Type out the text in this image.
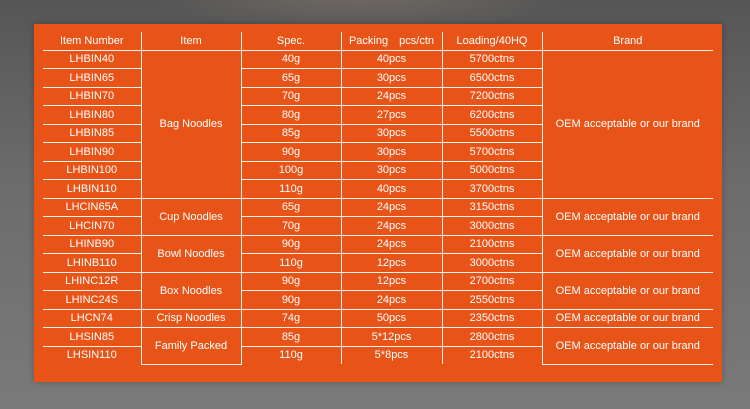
Item Number	Item	Spec.	Packing pcs/ctn	Loading/40HQ	Brand
LHBIN40	Bag Noodles	40g	40pcs	5700ctns	OEM acceptable or our brand
LHBIN65		65g	30pcs	6500ctns	
LHBIN70		70g	24pcs	7200ctns	
LHBIN80		80g	27pcs	6200ctns	
LHBIN85		85g	30pcs	5500ctns	
LHBIN90		90g	30pcs	5700ctns	
LHBIN100		100g	30pcs	5000ctns	
LHBIN110		110g	40pcs	3700ctns	
LHCIN65A	Cup Noodles	65g	24pcs	3150ctns	OEM acceptable or our brand
LHCIN70		70g	24pcs	3000ctns	
LHINB90	Bowl Noodles	90g	24pcs	2100ctns	OEM acceptable or our brand
LHINB110		110g	12pcs	3000ctns	
LHINC12R	Box Noodles	90g	12pcs	2700ctns	OEM acceptable or our brand
LHINC24S		90g	24pcs	2550ctns	
LHCN74	Crisp Noodles	74g	50pcs	2350ctns	OEM acceptable or our brand
LHSIN85	Family Packed	85g	5*12pcs	2800ctns	OEM acceptable or our brand
LHSIN110		110g	5*8pcs	2100ctns	
